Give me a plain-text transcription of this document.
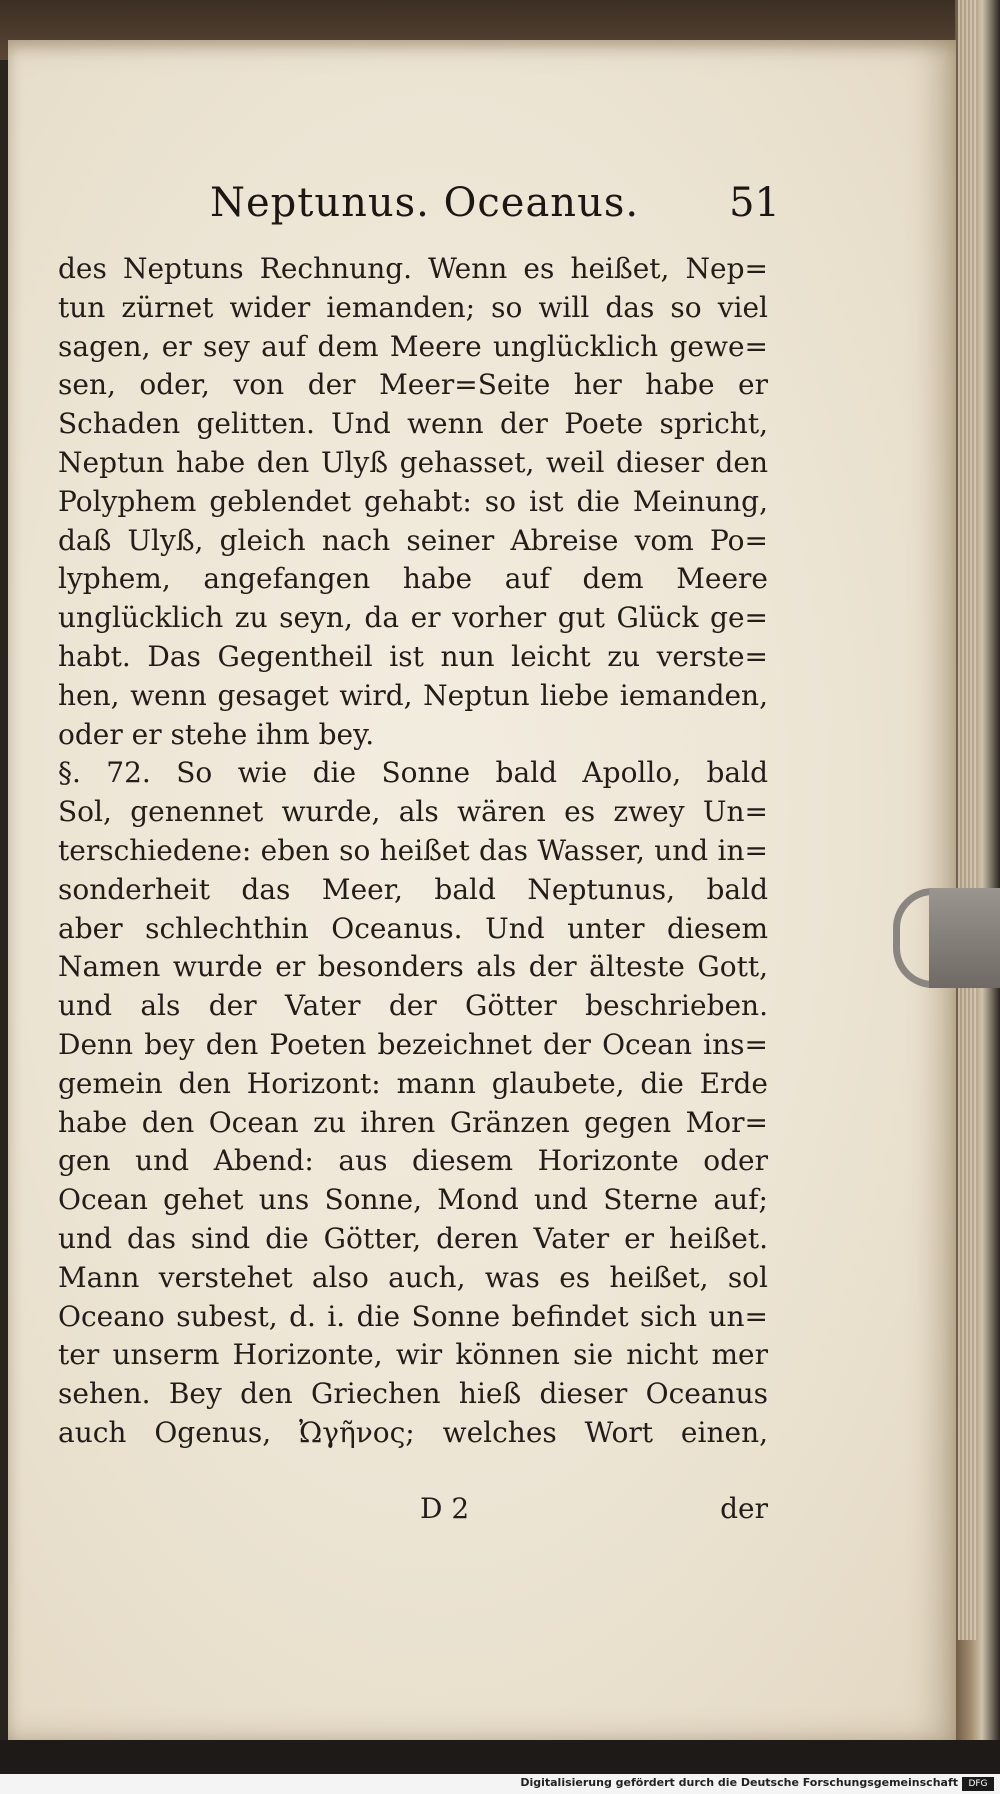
Neptunus. Oceanus. 51
des Neptuns Rechnung. Wenn es heißet, Nep=
tun zürnet wider iemanden; so will das so viel
sagen, er sey auf dem Meere unglücklich gewe=
sen, oder, von der Meer=Seite her habe er
Schaden gelitten. Und wenn der Poete spricht,
Neptun habe den Ulyß gehasset, weil dieser den
Polyphem geblendet gehabt: so ist die Meinung,
daß Ulyß, gleich nach seiner Abreise vom Po=
lyphem, angefangen habe auf dem Meere
unglücklich zu seyn, da er vorher gut Glück ge=
habt. Das Gegentheil ist nun leicht zu verste=
hen, wenn gesaget wird, Neptun liebe iemanden,
oder er stehe ihm bey.
§. 72. So wie die Sonne bald Apollo, bald
Sol, genennet wurde, als wären es zwey Un=
terschiedene: eben so heißet das Wasser, und in=
sonderheit das Meer, bald Neptunus, bald
aber schlechthin Oceanus. Und unter diesem
Namen wurde er besonders als der älteste Gott,
und als der Vater der Götter beschrieben.
Denn bey den Poeten bezeichnet der Ocean ins=
gemein den Horizont: mann glaubete, die Erde
habe den Ocean zu ihren Gränzen gegen Mor=
gen und Abend: aus diesem Horizonte oder
Ocean gehet uns Sonne, Mond und Sterne auf;
und das sind die Götter, deren Vater er heißet.
Mann verstehet also auch, was es heißet, sol
Oceano subest, d. i. die Sonne befindet sich un=
ter unserm Horizonte, wir können sie nicht mer
sehen. Bey den Griechen hieß dieser Oceanus
auch Ogenus, Ὠγῆνος; welches Wort einen,
D 2	der
Digitalisierung gefördert durch die Deutsche Forschungsgemeinschaft	DFG
